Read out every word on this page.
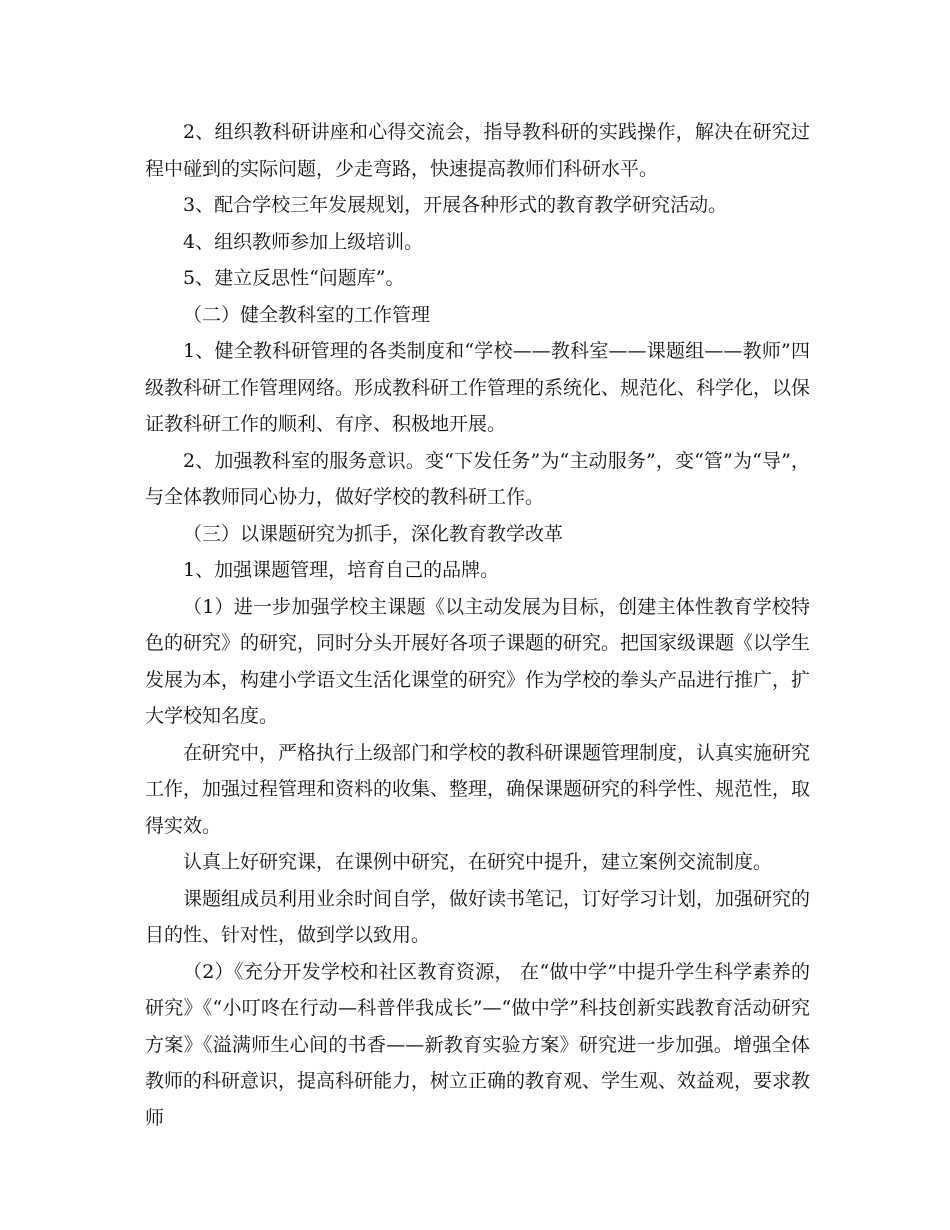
2、组织教科研讲座和心得交流会，指导教科研的实践操作，解决在研究过程中碰到的实际问题，少走弯路，快速提高教师们科研水平。

3、配合学校三年发展规划，开展各种形式的教育教学研究活动。

4、组织教师参加上级培训。

5、建立反思性“问题库”。

（二）健全教科室的工作管理

1、健全教科研管理的各类制度和“学校——教科室——课题组——教师”四级教科研工作管理网络。形成教科研工作管理的系统化、规范化、科学化，以保证教科研工作的顺利、有序、积极地开展。

2、加强教科室的服务意识。变“下发任务”为“主动服务”，变“管”为“导”，与全体教师同心协力，做好学校的教科研工作。

（三）以课题研究为抓手，深化教育教学改革

1、加强课题管理，培育自己的品牌。

（1）进一步加强学校主课题《以主动发展为目标，创建主体性教育学校特色的研究》的研究，同时分头开展好各项子课题的研究。把国家级课题《以学生发展为本，构建小学语文生活化课堂的研究》作为学校的拳头产品进行推广，扩大学校知名度。

在研究中，严格执行上级部门和学校的教科研课题管理制度，认真实施研究工作，加强过程管理和资料的收集、整理，确保课题研究的科学性、规范性，取得实效。

认真上好研究课，在课例中研究，在研究中提升，建立案例交流制度。

课题组成员利用业余时间自学，做好读书笔记，订好学习计划，加强研究的目的性、针对性，做到学以致用。

（2）《充分开发学校和社区教育资源， 在“做中学”中提升学生科学素养的研究》《“小叮咚在行动—科普伴我成长”—“做中学”科技创新实践教育活动研究方案》《溢满师生心间的书香——新教育实验方案》研究进一步加强。增强全体教师的科研意识，提高科研能力，树立正确的教育观、学生观、效益观，要求教师
